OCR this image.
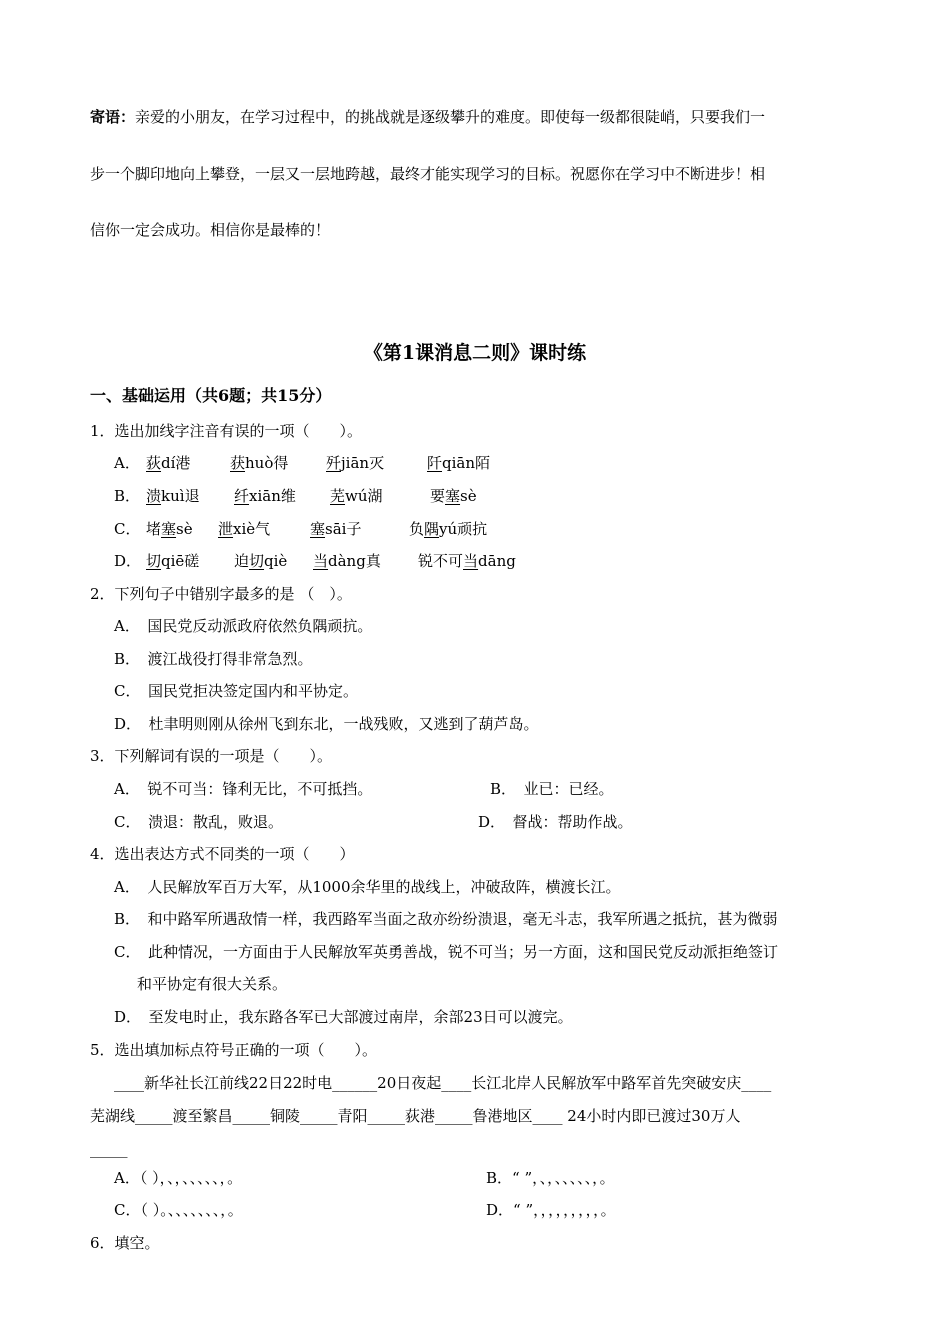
寄语：亲爱的小朋友，在学习过程中，的挑战就是逐级攀升的难度。即使每一级都很陡峭，只要我们一
步一个脚印地向上攀登，一层又一层地跨越，最终才能实现学习的目标。祝愿你在学习中不断进步！相
信你一定会成功。相信你是最棒的！
《第1课消息二则》课时练
一、基础运用（共6题；共15分）
1．选出加线字注音有误的一项（　　）。
A． 荻dí港	获huò得	歼jiān灭	阡qiān陌
B． 溃kuì退 纤xiān维 芜wú湖	要塞sè
C． 堵塞sè 泄xiè气	塞sāi子	负隅yú顽抗
D． 切qiē磋 迫切qiè 当dàng真 锐不可当dāng
2．下列句子中错别字最多的是 （　）。
A．　国民党反动派政府依然负隅顽抗。
B．　渡江战役打得非常急烈。
C．　国民党拒决签定国内和平协定。
D．　杜聿明则刚从徐州飞到东北，一战残败，又逃到了葫芦岛。
3．下列解词有误的一项是（　　）。
A．　锐不可当：锋利无比，不可抵挡。	B．　业已：已经。
C．　溃退：散乱，败退。	D．　督战：帮助作战。
4．选出表达方式不同类的一项（　　）
A．　人民解放军百万大军，从1000余华里的战线上，冲破敌阵，横渡长江。
B．　和中路军所遇敌情一样，我西路军当面之敌亦纷纷溃退，毫无斗志，我军所遇之抵抗，甚为微弱
C．　此种情况，一方面由于人民解放军英勇善战，锐不可当；另一方面，这和国民党反动派拒绝签订
和平协定有很大关系。
D．　至发电时止，我东路各军已大部渡过南岸，余部23日可以渡完。
5．选出填加标点符号正确的一项（　　）。
____新华社长江前线22日22时电______20日夜起____长江北岸人民解放军中路军首先突破安庆____
芜湖线_____渡至繁昌_____铜陵_____青阳_____荻港_____鲁港地区____ 24小时内即已渡过30万人
_____
A．（ ），、，、、、、、，。	B．“ ”，、，、、、、、，。
C．（ ）。、、、、、、、，。	D．“ ”，，，，，，，，，。
6．填空。
